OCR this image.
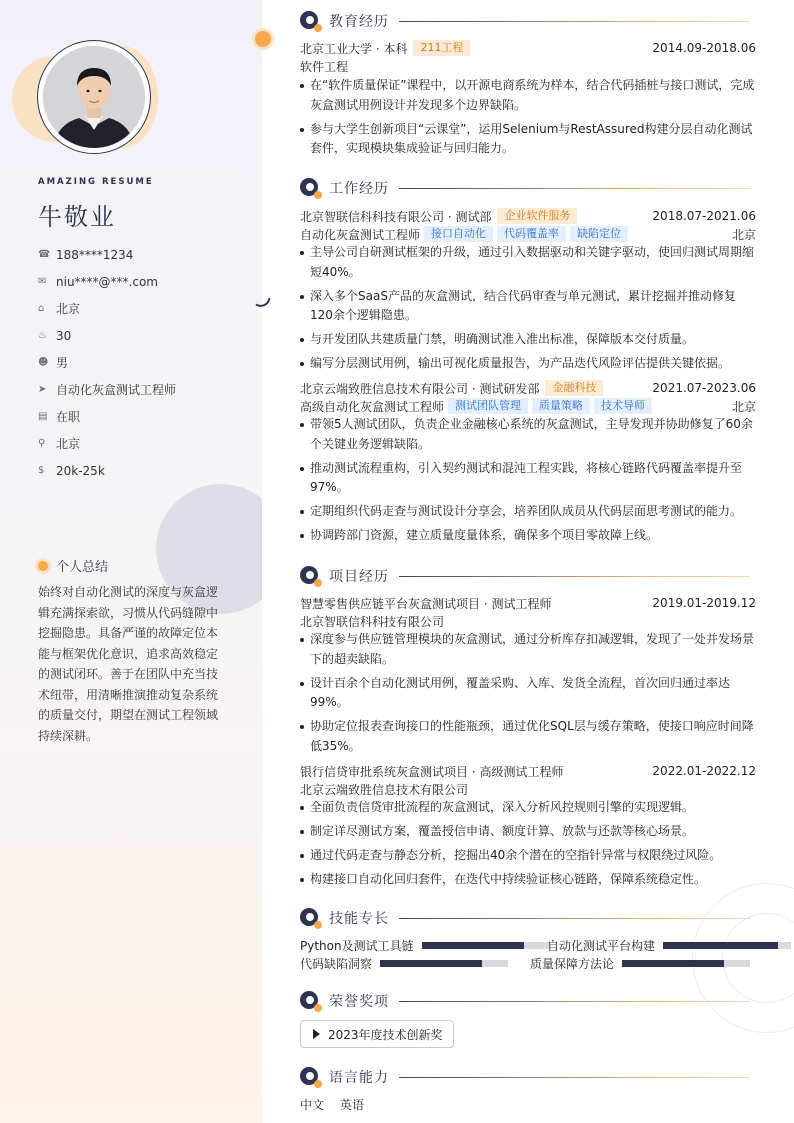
AMAZING RESUME
牛敬业
☎ 188****1234
✉ niu****@***.com
⌂ 北京
♨ 30
☻ 男
➤ 自动化灰盒测试工程师
▤ 在职
⚲ 北京
$ 20k-25k
个人总结
始终对自动化测试的深度与灰盒逻辑充满探索欲，习惯从代码缝隙中挖掘隐患。具备严谨的故障定位本能与框架优化意识，追求高效稳定的测试闭环。善于在团队中充当技术纽带，用清晰推演推动复杂系统的质量交付，期望在测试工程领域持续深耕。
教育经历
北京工业大学 · 本科	211工程	2014.09-2018.06
软件工程
在“软件质量保证”课程中，以开源电商系统为样本，结合代码插桩与接口测试，完成灰盒测试用例设计并发现多个边界缺陷。
参与大学生创新项目“云课堂”，运用Selenium与RestAssured构建分层自动化测试套件，实现模块集成验证与回归能力。
工作经历
北京智联信科科技有限公司 · 测试部	企业软件服务	2018.07-2021.06
自动化灰盒测试工程师	接口自动化	代码覆盖率	缺陷定位	北京
主导公司自研测试框架的升级，通过引入数据驱动和关键字驱动，使回归测试周期缩短40%。
深入多个SaaS产品的灰盒测试，结合代码审查与单元测试，累计挖掘并推动修复120余个逻辑隐患。
与开发团队共建质量门禁，明确测试准入准出标准，保障版本交付质量。
编写分层测试用例，输出可视化质量报告，为产品迭代风险评估提供关键依据。
北京云端致胜信息技术有限公司 · 测试研发部	金融科技	2021.07-2023.06
高级自动化灰盒测试工程师	测试团队管理	质量策略	技术导师	北京
带领5人测试团队，负责企业金融核心系统的灰盒测试，主导发现并协助修复了60余个关键业务逻辑缺陷。
推动测试流程重构，引入契约测试和混沌工程实践，将核心链路代码覆盖率提升至97%。
定期组织代码走查与测试设计分享会，培养团队成员从代码层面思考测试的能力。
协调跨部门资源，建立质量度量体系，确保多个项目零故障上线。
项目经历
智慧零售供应链平台灰盒测试项目 · 测试工程师	2019.01-2019.12
北京智联信科科技有限公司
深度参与供应链管理模块的灰盒测试，通过分析库存扣减逻辑，发现了一处并发场景下的超卖缺陷。
设计百余个自动化测试用例，覆盖采购、入库、发货全流程，首次回归通过率达99%。
协助定位报表查询接口的性能瓶颈，通过优化SQL层与缓存策略，使接口响应时间降低35%。
银行信贷审批系统灰盒测试项目 · 高级测试工程师	2022.01-2022.12
北京云端致胜信息技术有限公司
全面负责信贷审批流程的灰盒测试，深入分析风控规则引擎的实现逻辑。
制定详尽测试方案，覆盖授信申请、额度计算、放款与还款等核心场景。
通过代码走查与静态分析，挖掘出40余个潜在的空指针异常与权限绕过风险。
构建接口自动化回归套件，在迭代中持续验证核心链路，保障系统稳定性。
技能专长
Python及测试工具链	自动化测试平台构建
代码缺陷洞察	质量保障方法论
荣誉奖项
2023年度技术创新奖
语言能力
中文 英语
